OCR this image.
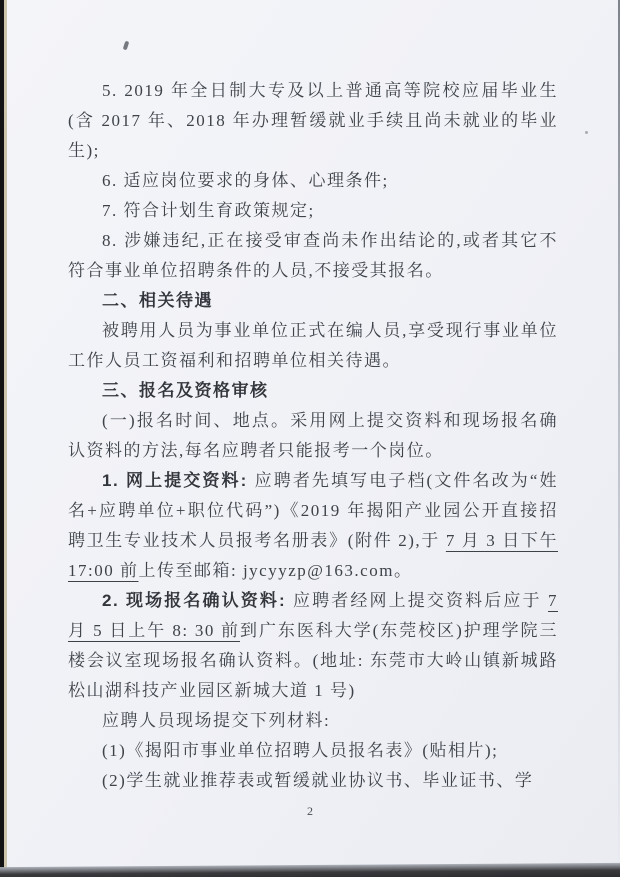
5. 2019 年全日制大专及以上普通高等院校应届毕业生(含 2017 年、2018 年办理暂缓就业手续且尚未就业的毕业生);

6. 适应岗位要求的身体、心理条件;

7. 符合计划生育政策规定;

8. 涉嫌违纪,正在接受审查尚未作出结论的,或者其它不符合事业单位招聘条件的人员,不接受其报名。

二、相关待遇

被聘用人员为事业单位正式在编人员,享受现行事业单位工作人员工资福利和招聘单位相关待遇。

三、报名及资格审核

(一)报名时间、地点。采用网上提交资料和现场报名确认资料的方法,每名应聘者只能报考一个岗位。

1. 网上提交资料: 应聘者先填写电子档(文件名改为“姓名+应聘单位+职位代码”)《2019 年揭阳产业园公开直接招聘卫生专业技术人员报考名册表》(附件 2),于 7 月 3 日下午 17:00 前上传至邮箱: jycyyzp@163.com。

2. 现场报名确认资料: 应聘者经网上提交资料后应于 7 月 5 日上午 8: 30 前到广东医科大学(东莞校区)护理学院三楼会议室现场报名确认资料。(地址: 东莞市大岭山镇新城路松山湖科技产业园区新城大道 1 号)

应聘人员现场提交下列材料:

(1)《揭阳市事业单位招聘人员报名表》(贴相片);

(2)学生就业推荐表或暂缓就业协议书、毕业证书、学

2
